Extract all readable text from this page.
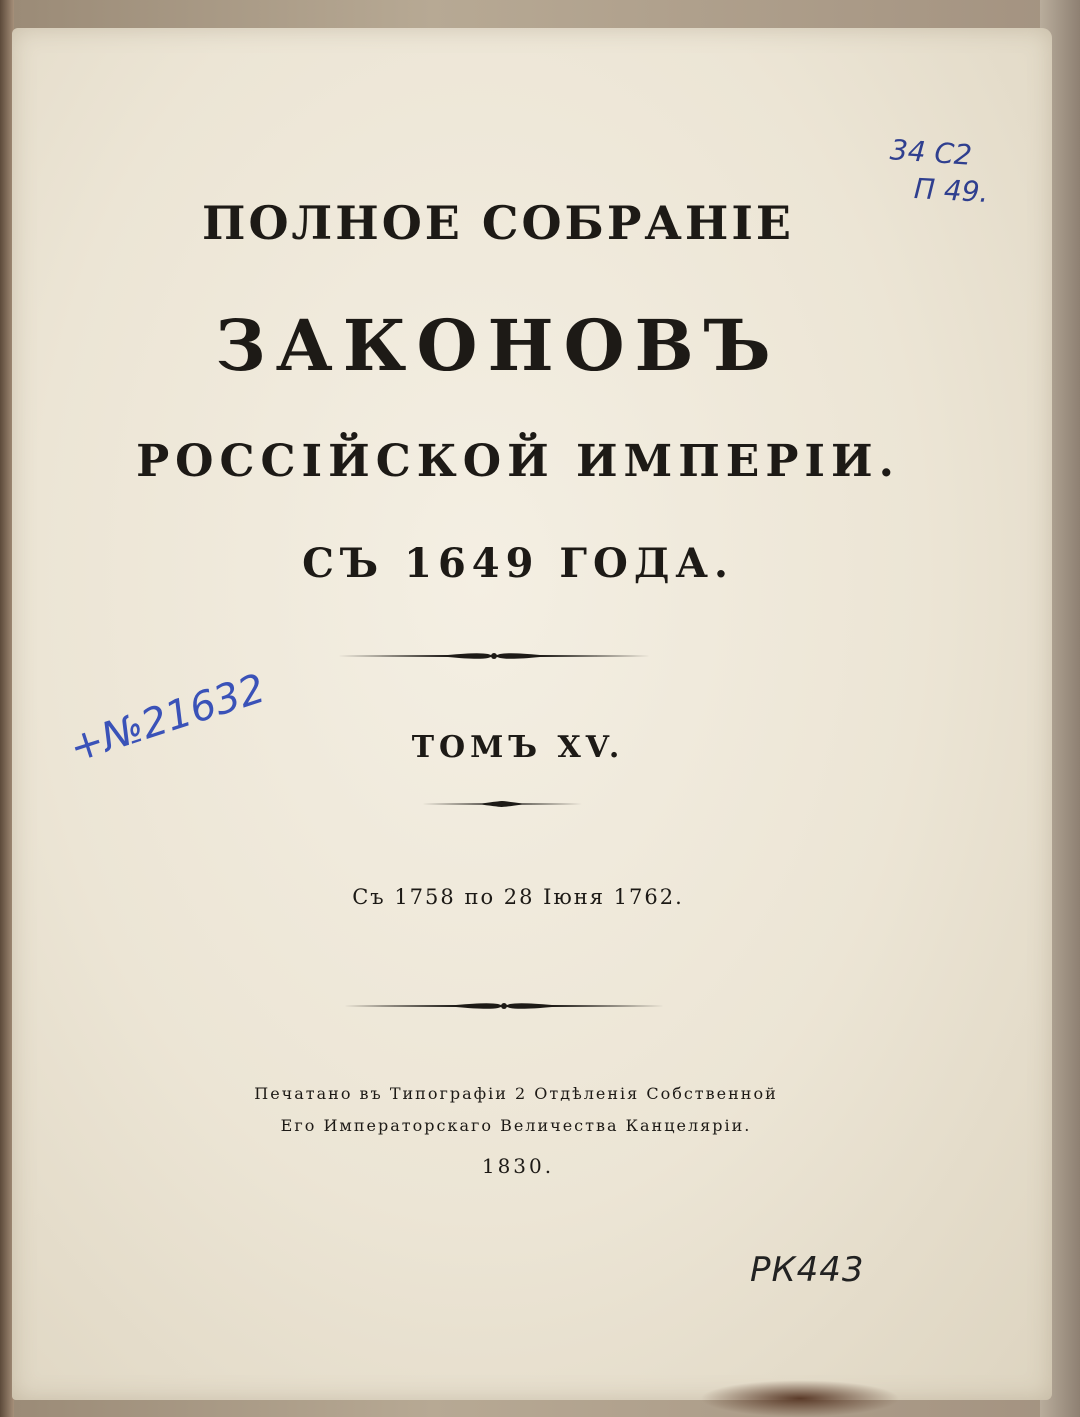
ПОЛНОЕ СОБРАНІЕ
ЗАКОНОВЪ
РОССІЙСКОЙ ИМПЕРІИ.
СЪ 1649 ГОДА.
ТОМЪ XV.
Съ 1758 по 28 Іюня 1762.
Печатано въ Типографіи 2 Отдѣленія Собственной
Его Императорскаго Величества Канцеляріи.
1830.
34 С2
П 49.
+№21632
РК443
